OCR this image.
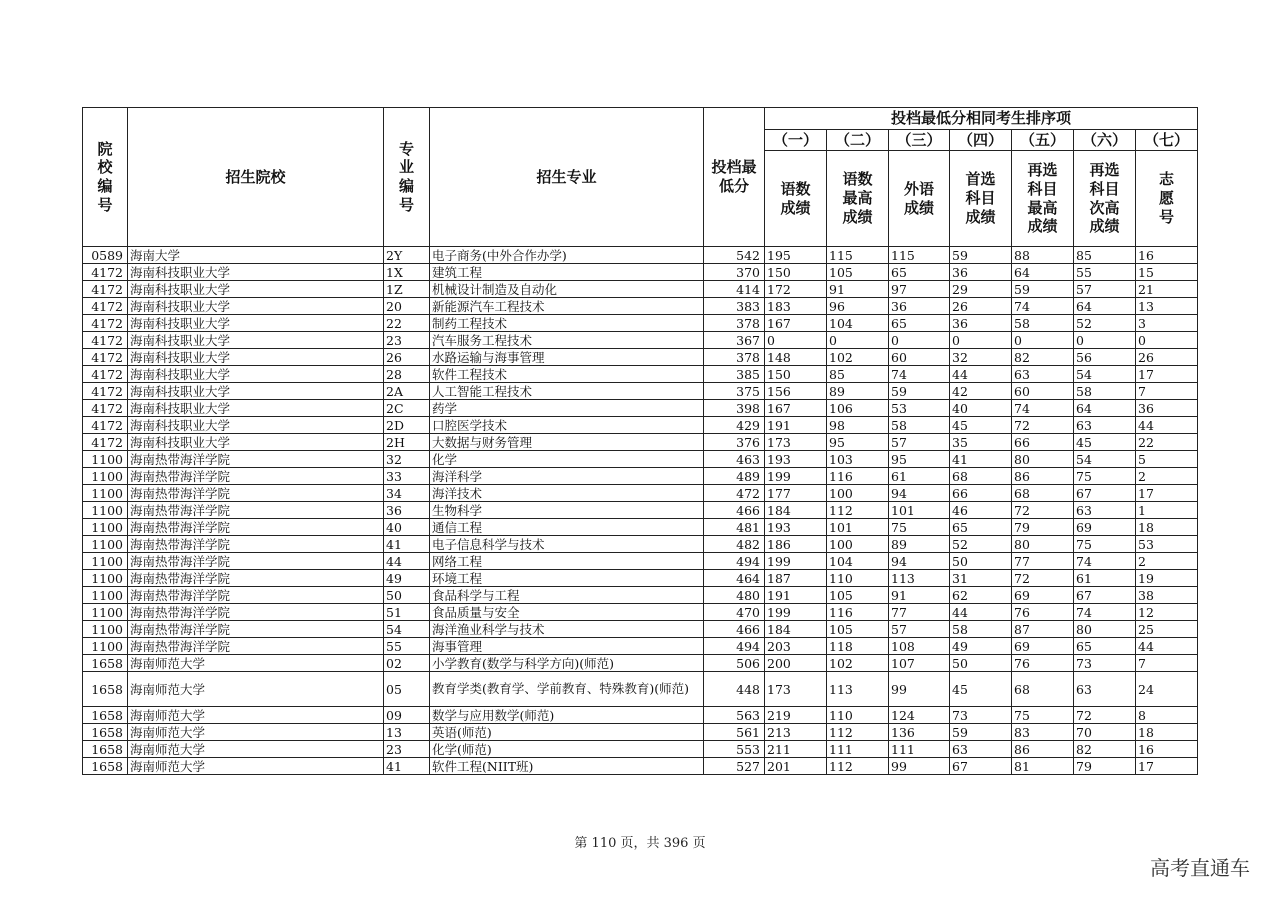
院校编号	招生院校	专业编号	招生专业	投档最低分	投档最低分相同考生排序项						
					（一）	（二）	（三）	（四）	（五）	（六）	（七）
					语数成绩	语数最高成绩	外语成绩	首选科目成绩	再选科目最高成绩	再选科目次高成绩	志愿号
0589	海南大学	2Y	电子商务(中外合作办学)	542	195	115	115	59	88	85	16
4172	海南科技职业大学	1X	建筑工程	370	150	105	65	36	64	55	15
4172	海南科技职业大学	1Z	机械设计制造及自动化	414	172	91	97	29	59	57	21
4172	海南科技职业大学	20	新能源汽车工程技术	383	183	96	36	26	74	64	13
4172	海南科技职业大学	22	制药工程技术	378	167	104	65	36	58	52	3
4172	海南科技职业大学	23	汽车服务工程技术	367	0	0	0	0	0	0	0
4172	海南科技职业大学	26	水路运输与海事管理	378	148	102	60	32	82	56	26
4172	海南科技职业大学	28	软件工程技术	385	150	85	74	44	63	54	17
4172	海南科技职业大学	2A	人工智能工程技术	375	156	89	59	42	60	58	7
4172	海南科技职业大学	2C	药学	398	167	106	53	40	74	64	36
4172	海南科技职业大学	2D	口腔医学技术	429	191	98	58	45	72	63	44
4172	海南科技职业大学	2H	大数据与财务管理	376	173	95	57	35	66	45	22
1100	海南热带海洋学院	32	化学	463	193	103	95	41	80	54	5
1100	海南热带海洋学院	33	海洋科学	489	199	116	61	68	86	75	2
1100	海南热带海洋学院	34	海洋技术	472	177	100	94	66	68	67	17
1100	海南热带海洋学院	36	生物科学	466	184	112	101	46	72	63	1
1100	海南热带海洋学院	40	通信工程	481	193	101	75	65	79	69	18
1100	海南热带海洋学院	41	电子信息科学与技术	482	186	100	89	52	80	75	53
1100	海南热带海洋学院	44	网络工程	494	199	104	94	50	77	74	2
1100	海南热带海洋学院	49	环境工程	464	187	110	113	31	72	61	19
1100	海南热带海洋学院	50	食品科学与工程	480	191	105	91	62	69	67	38
1100	海南热带海洋学院	51	食品质量与安全	470	199	116	77	44	76	74	12
1100	海南热带海洋学院	54	海洋渔业科学与技术	466	184	105	57	58	87	80	25
1100	海南热带海洋学院	55	海事管理	494	203	118	108	49	69	65	44
1658	海南师范大学	02	小学教育(数学与科学方向)(师范)	506	200	102	107	50	76	73	7
1658	海南师范大学	05	教育学类(教育学、学前教育、特殊教育)(师范)	448	173	113	99	45	68	63	24
1658	海南师范大学	09	数学与应用数学(师范)	563	219	110	124	73	75	72	8
1658	海南师范大学	13	英语(师范)	561	213	112	136	59	83	70	18
1658	海南师范大学	23	化学(师范)	553	211	111	111	63	86	82	16
1658	海南师范大学	41	软件工程(NIIT班)	527	201	112	99	67	81	79	17
第 110 页，共 396 页
高考直通车
